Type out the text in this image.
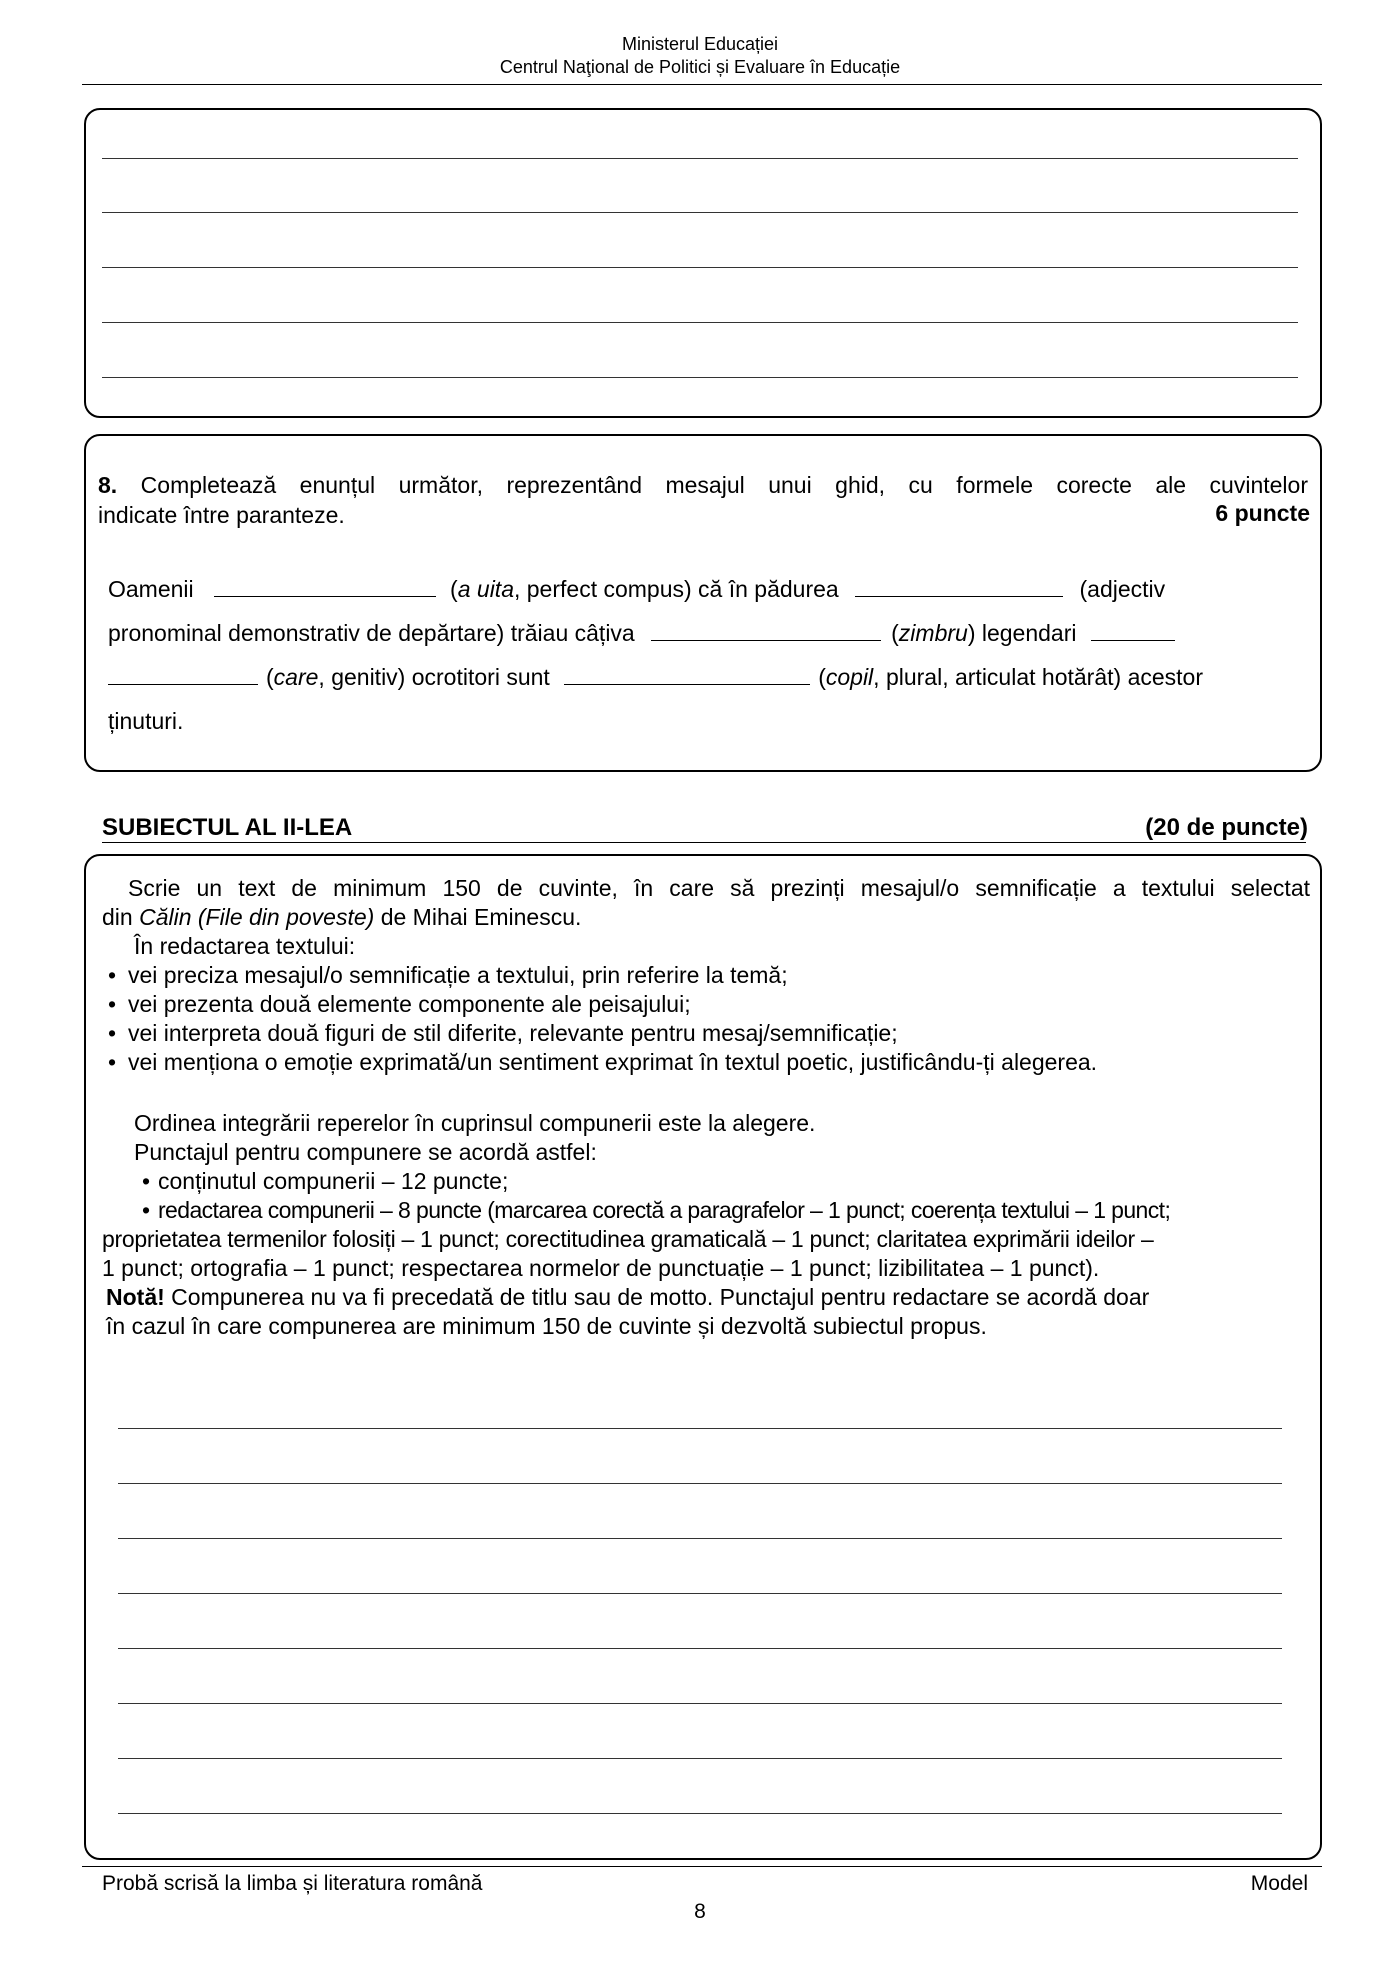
Ministerul Educației
Centrul Naţional de Politici și Evaluare în Educație
8. Completează enunțul următor, reprezentând mesajul unui ghid, cu formele corecte ale cuvintelor
indicate între paranteze.	6 puncte
Oamenii	(a uita, perfect compus) că în pădurea	(adjectiv
pronominal demonstrativ de depărtare) trăiau câțiva	(zimbru) legendari
(care, genitiv) ocrotitori sunt	(copil, plural, articulat hotărât) acestor
ținuturi.
SUBIECTUL AL II-LEA	(20 de puncte)
Scrie un text de minimum 150 de cuvinte, în care să prezinți mesajul/o semnificație a textului selectat
din Călin (File din poveste) de Mihai Eminescu.
În redactarea textului:
• vei preciza mesajul/o semnificație a textului, prin referire la temă;
• vei prezenta două elemente componente ale peisajului;
• vei interpreta două figuri de stil diferite, relevante pentru mesaj/semnificație;
• vei menționa o emoție exprimată/un sentiment exprimat în textul poetic, justificându-ți alegerea.
Ordinea integrării reperelor în cuprinsul compunerii este la alegere.
Punctajul pentru compunere se acordă astfel:
• conținutul compunerii – 12 puncte;
• redactarea compunerii – 8 puncte (marcarea corectă a paragrafelor – 1 punct; coerența textului – 1 punct;
proprietatea termenilor folosiți – 1 punct; corectitudinea gramaticală – 1 punct; claritatea exprimării ideilor –
1 punct; ortografia – 1 punct; respectarea normelor de punctuație – 1 punct; lizibilitatea – 1 punct).
Notă! Compunerea nu va fi precedată de titlu sau de motto. Punctajul pentru redactare se acordă doar
în cazul în care compunerea are minimum 150 de cuvinte și dezvoltă subiectul propus.
Probă scrisă la limba și literatura română	Model
8
